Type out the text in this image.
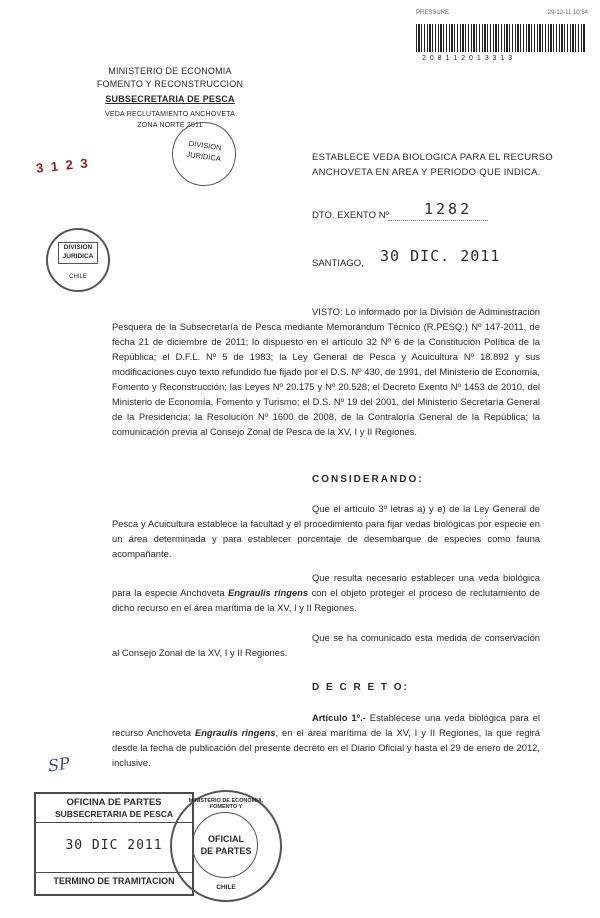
PRESSURE	29-12-11 10:54
2 0 8 1 1 2 0 1 3 3 1 3
MINISTERIO DE ECONOMIA
FOMENTO Y RECONSTRUCCION
SUBSECRETARIA DE PESCA
VEDA RECLUTAMIENTO ANCHOVETA
ZONA NORTE 2011
DIVISION
JURIDICA
3 1 2 3	ESTABLECE VEDA BIOLOGICA PARA EL RECURSO
ANCHOVETA EN AREA Y PERIODO QUE INDICA.
DTO. EXENTO Nº 1282
SANTIAGO, 30 DIC. 2011
DIVISION
JURIDICA
CHILE
VISTO: Lo informado por la División de Administración Pesquera de la Subsecretaría de Pesca mediante Memorándum Técnico (R.PESQ.) Nº 147-2011, de fecha 21 de diciembre de 2011; lo dispuesto en el artículo 32 Nº 6 de la Constitución Política de la República; el D.F.L. Nº 5 de 1983; la Ley General de Pesca y Acuicultura Nº 18.892 y sus modificaciones cuyo texto refundido fue fijado por el D.S. Nº 430, de 1991, del Ministerio de Economía, Fomento y Reconstrucción; las Leyes Nº 20.175 y Nº 20.528; el Decreto Exento Nº 1453 de 2010, del Ministerio de Economía, Fomento y Turismo; el D.S. Nº 19 del 2001, del Ministerio Secretaría General de la Presidencia; la Resolución Nº 1600 de 2008, de la Contraloría General de la República; la comunicación previa al Consejo Zonal de Pesca de la XV, I y II Regiones.
CONSIDERANDO:
Que el artículo 3º letras a) y e) de la Ley General de Pesca y Acuicultura establece la facultad y el procedimiento para fijar vedas biológicas por especie en un área determinada y para establecer porcentaje de desembarque de especies como fauna acompañante.
Que resulta necesario establecer una veda biológica para la especie Anchoveta Engraulis ringens con el objeto proteger el proceso de reclutamiento de dicho recurso en el área marítima de la XV, I y II Regiones.
Que se ha comunicado esta medida de conservación al Consejo Zonal de la XV, I y II Regiones.
D E C R E T O:
Artículo 1º.- Establécese una veda biológica para el recurso Anchoveta Engraulis ringens, en el área marítima de la XV, I y II Regiones, la que regirá desde la fecha de publicación del presente decreto en el Diario Oficial y hasta el 29 de enero de 2012, inclusive.
SP
OFICINA DE PARTES
SUBSECRETARIA DE PESCA
30 DIC 2011
TERMINO DE TRAMITACION
MINISTERIO DE ECONOMIA, FOMENTO Y
OFICIAL
DE PARTES
CHILE
